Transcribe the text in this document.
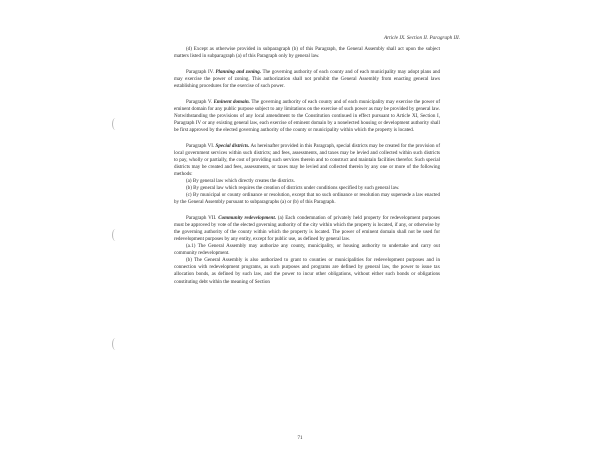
Article IX. Section II. Paragraph III.

(d) Except as otherwise provided in subparagraph (b) of this Paragraph, the General Assembly shall act upon the subject matters listed in subparagraph (a) of this Paragraph only by general law.

Paragraph IV. Planning and zoning. The governing authority of each county and of each municipality may adopt plans and may exercise the power of zoning. This authorization shall not prohibit the General Assembly from enacting general laws establishing procedures for the exercise of such power.

Paragraph V. Eminent domain. The governing authority of each county and of each municipality may exercise the power of eminent domain for any public purpose subject to any limitations on the exercise of such power as may be provided by general law. Notwithstanding the provisions of any local amendment to the Constitution continued in effect pursuant to Article XI, Section I, Paragraph IV or any existing general law, each exercise of eminent domain by a nonelected housing or development authority shall be first approved by the elected governing authority of the county or municipality within which the property is located.

Paragraph VI. Special districts. As hereinafter provided in this Paragraph, special districts may be created for the provision of local government services within such districts; and fees, assessments, and taxes may be levied and collected within such districts to pay, wholly or partially, the cost of providing such services therein and to construct and maintain facilities therefor. Such special districts may be created and fees, assessments, or taxes may be levied and collected therein by any one or more of the following methods:

(a) By general law which directly creates the districts.

(b) By general law which requires the creation of districts under conditions specified by such general law.

(c) By municipal or county ordinance or resolution, except that no such ordinance or resolution may supersede a law enacted by the General Assembly pursuant to subparagraphs (a) or (b) of this Paragraph.

Paragraph VII. Community redevelopment. (a) Each condemnation of privately held property for redevelopment purposes must be approved by vote of the elected governing authority of the city within which the property is located, if any, or otherwise by the governing authority of the county within which the property is located. The power of eminent domain shall not be used for redevelopment purposes by any entity, except for public use, as defined by general law.

(a.1) The General Assembly may authorize any county, municipality, or housing authority to undertake and carry out community redevelopment.

(b) The General Assembly is also authorized to grant to counties or municipalities for redevelopment purposes and in connection with redevelopment programs, as such purposes and programs are defined by general law, the power to issue tax allocation bonds, as defined by such law, and the power to incur other obligations, without either such bonds or obligations constituting debt within the meaning of Section

71
